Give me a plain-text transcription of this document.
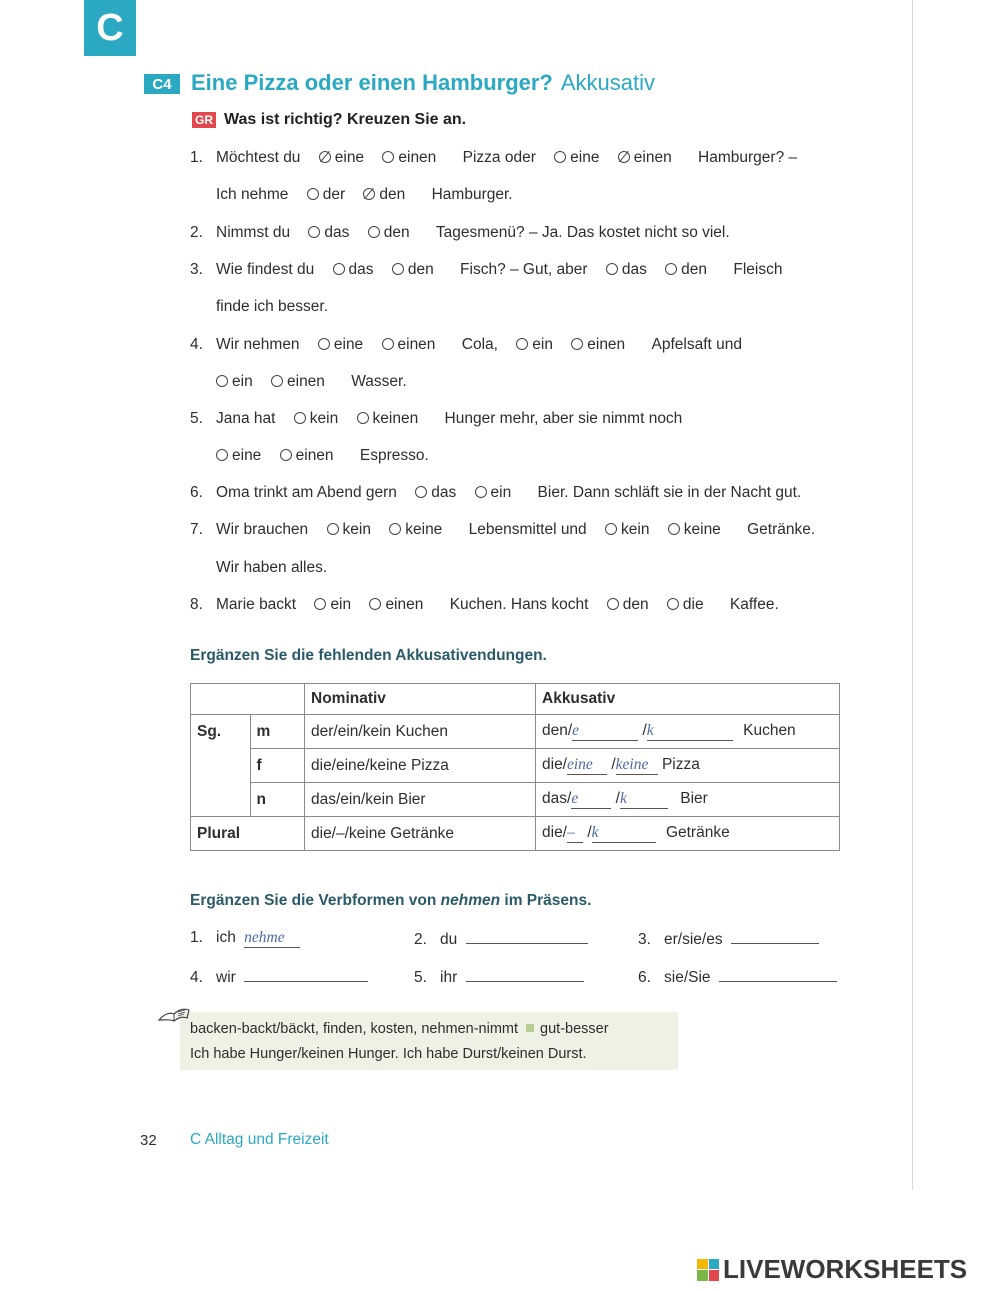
C
C4 Eine Pizza oder einen Hamburger? Akkusativ
GR Was ist richtig? Kreuzen Sie an.
1. Möchtest du eine einen Pizza oder eine einen Hamburger? –
Ich nehme der den Hamburger.
2. Nimmst du das den Tagesmenü? – Ja. Das kostet nicht so viel.
3. Wie findest du das den Fisch? – Gut, aber das den Fleisch
finde ich besser.
4. Wir nehmen eine einen Cola, ein einen Apfelsaft und
ein einen Wasser.
5. Jana hat kein keinen Hunger mehr, aber sie nimmt noch
eine einen Espresso.
6. Oma trinkt am Abend gern das ein Bier. Dann schläft sie in der Nacht gut.
7. Wir brauchen kein keine Lebensmittel und kein keine Getränke.
Wir haben alles.
8. Marie backt ein einen Kuchen. Hans kocht den die Kaffee.
Ergänzen Sie die fehlenden Akkusativendungen.
		Nominativ	Akkusativ
Sg.	m	der/ein/kein Kuchen	den/e /k Kuchen
	f	die/eine/keine Pizza	die/eine /keine Pizza
	n	das/ein/kein Bier	das/e /k Bier
Plural		die/–/keine Getränke	die/– /k Getränke
Ergänzen Sie die Verbformen von nehmen im Präsens.
1. ich nehme	2. du	3. er/sie/es
4. wir	5. ihr	6. sie/Sie
backen-backt/bäckt, finden, kosten, nehmen-nimmt gut-besser
Ich habe Hunger/keinen Hunger. Ich habe Durst/keinen Durst.
32 C Alltag und Freizeit
LIVEWORKSHEETS
